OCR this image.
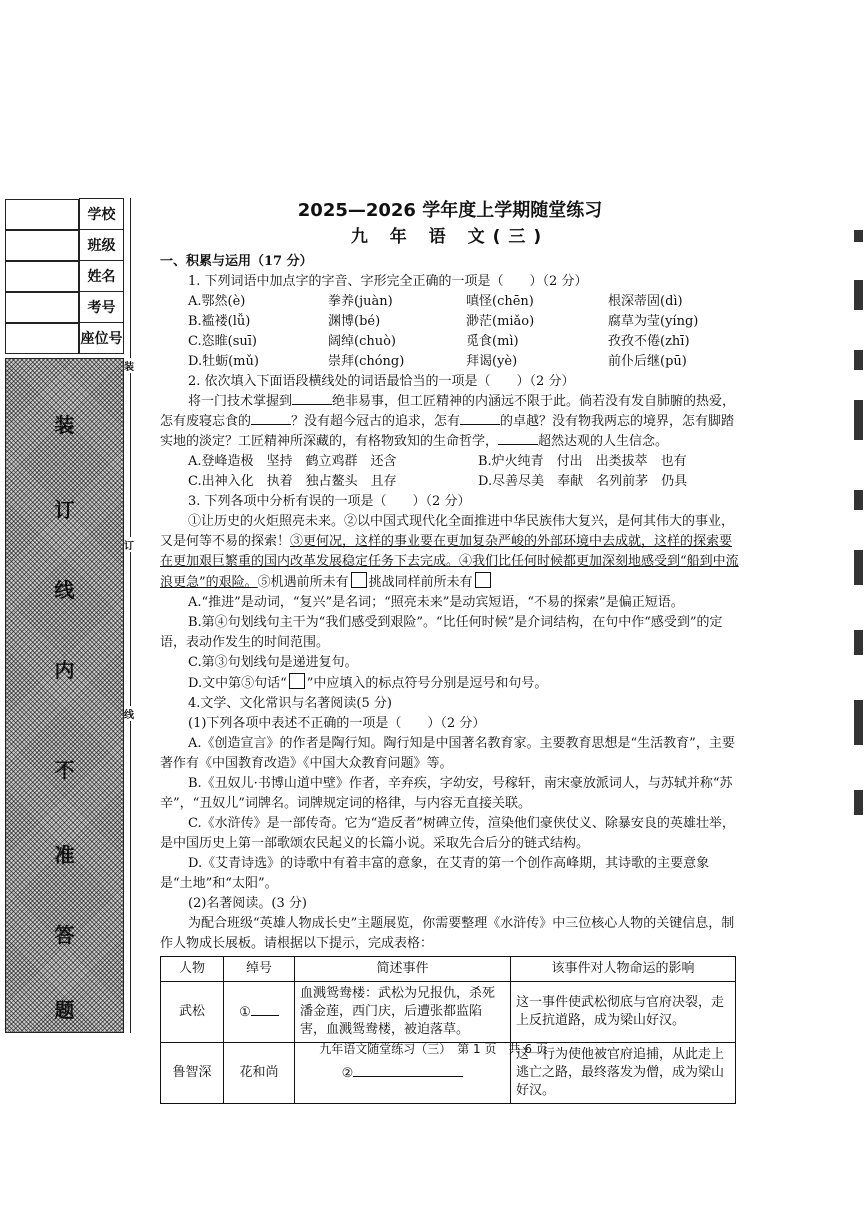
学校
班级
姓名
考号
座位号
装
订
线
内
不
准
答
题
装
订
线
2025—2026 学年度上学期随堂练习
九 年 语 文(三)
一、积累与运用（17 分）
1. 下列词语中加点字的字音、字形完全正确的一项是（　　）（2 分）
A.鄂然(è)	拳养(juàn)	嗔怪(chēn)	根深蒂固(dì)
B.褴褛(lǚ)	渊博(bé)	渺茫(miǎo)	腐草为莹(yíng)
C.恣睢(suī)	阔绰(chuò)	觅食(mì)	孜孜不倦(zhī)
D.牡蛎(mǔ)	崇拜(chóng)	拜谒(yè)	前仆后继(pū)
2. 依次填入下面语段横线处的词语最恰当的一项是（　　）（2 分）
将一门技术掌握到	绝非易事，但工匠精神的内涵远不限于此。倘若没有发自肺腑的热爱，怎有废寝忘食的	？没有超今冠古的追求，怎有	的卓越？没有物我两忘的境界，怎有脚踏实地的淡定？工匠精神所深藏的，有格物致知的生命哲学，	超然达观的人生信念。
A.登峰造极　坚持　鹤立鸡群　还含	B.炉火纯青　付出　出类拔萃　也有
C.出神入化　执着　独占鳌头　且存	D.尽善尽美　奉献　名列前茅　仍具
3. 下列各项中分析有误的一项是（　　）（2 分）
①让历史的火炬照亮未来。②以中国式现代化全面推进中华民族伟大复兴，是何其伟大的事业，又是何等不易的探索！③更何况，这样的事业要在更加复杂严峻的外部环境中去成就，这样的探索要在更加艰巨繁重的国内改革发展稳定任务下去完成。④我们比任何时候都更加深刻地感受到“船到中流浪更急”的艰险。⑤机遇前所未有 挑战同样前所未有
A.“推进”是动词，“复兴”是名词；“照亮未来”是动宾短语，“不易的探索”是偏正短语。
B.第④句划线句主干为“我们感受到艰险”。“比任何时候”是介词结构，在句中作“感受到”的定语，表动作发生的时间范围。
C.第③句划线句是递进复句。
D.文中第⑤句话“ ”中应填入的标点符号分别是逗号和句号。
4.文学、文化常识与名著阅读(5 分)
(1)下列各项中表述不正确的一项是（　　）（2 分）
A.《创造宣言》的作者是陶行知。陶行知是中国著名教育家。主要教育思想是“生活教育”，主要著作有《中国教育改造》《中国大众教育问题》等。
B.《丑奴儿·书博山道中壁》作者，辛弃疾，字幼安，号稼轩，南宋豪放派词人，与苏轼并称“苏辛”，“丑奴儿”词牌名。词牌规定词的格律，与内容无直接关联。
C.《水浒传》是一部传奇。它为“造反者”树碑立传，渲染他们豪侠仗义、除暴安良的英雄壮举，是中国历史上第一部歌颂农民起义的长篇小说。采取先合后分的链式结构。
D.《艾青诗选》的诗歌中有着丰富的意象，在艾青的第一个创作高峰期，其诗歌的主要意象是“土地”和“太阳”。
(2)名著阅读。(3 分)
为配合班级“英雄人物成长史”主题展览，你需要整理《水浒传》中三位核心人物的关键信息，制作人物成长展板。请根据以下提示，完成表格：
人物	绰号	简述事件	该事件对人物命运的影响
武松	①	血溅鸳鸯楼：武松为兄报仇，杀死潘金莲，西门庆，后遭张都监陷害，血溅鸳鸯楼，被迫落草。	这一事件使武松彻底与官府决裂，走上反抗道路，成为梁山好汉。
鲁智深	花和尚	②	这一行为使他被官府追捕，从此走上逃亡之路，最终落发为僧，成为梁山好汉。
九年语文随堂练习（三）　第 1 页　共 6 页
